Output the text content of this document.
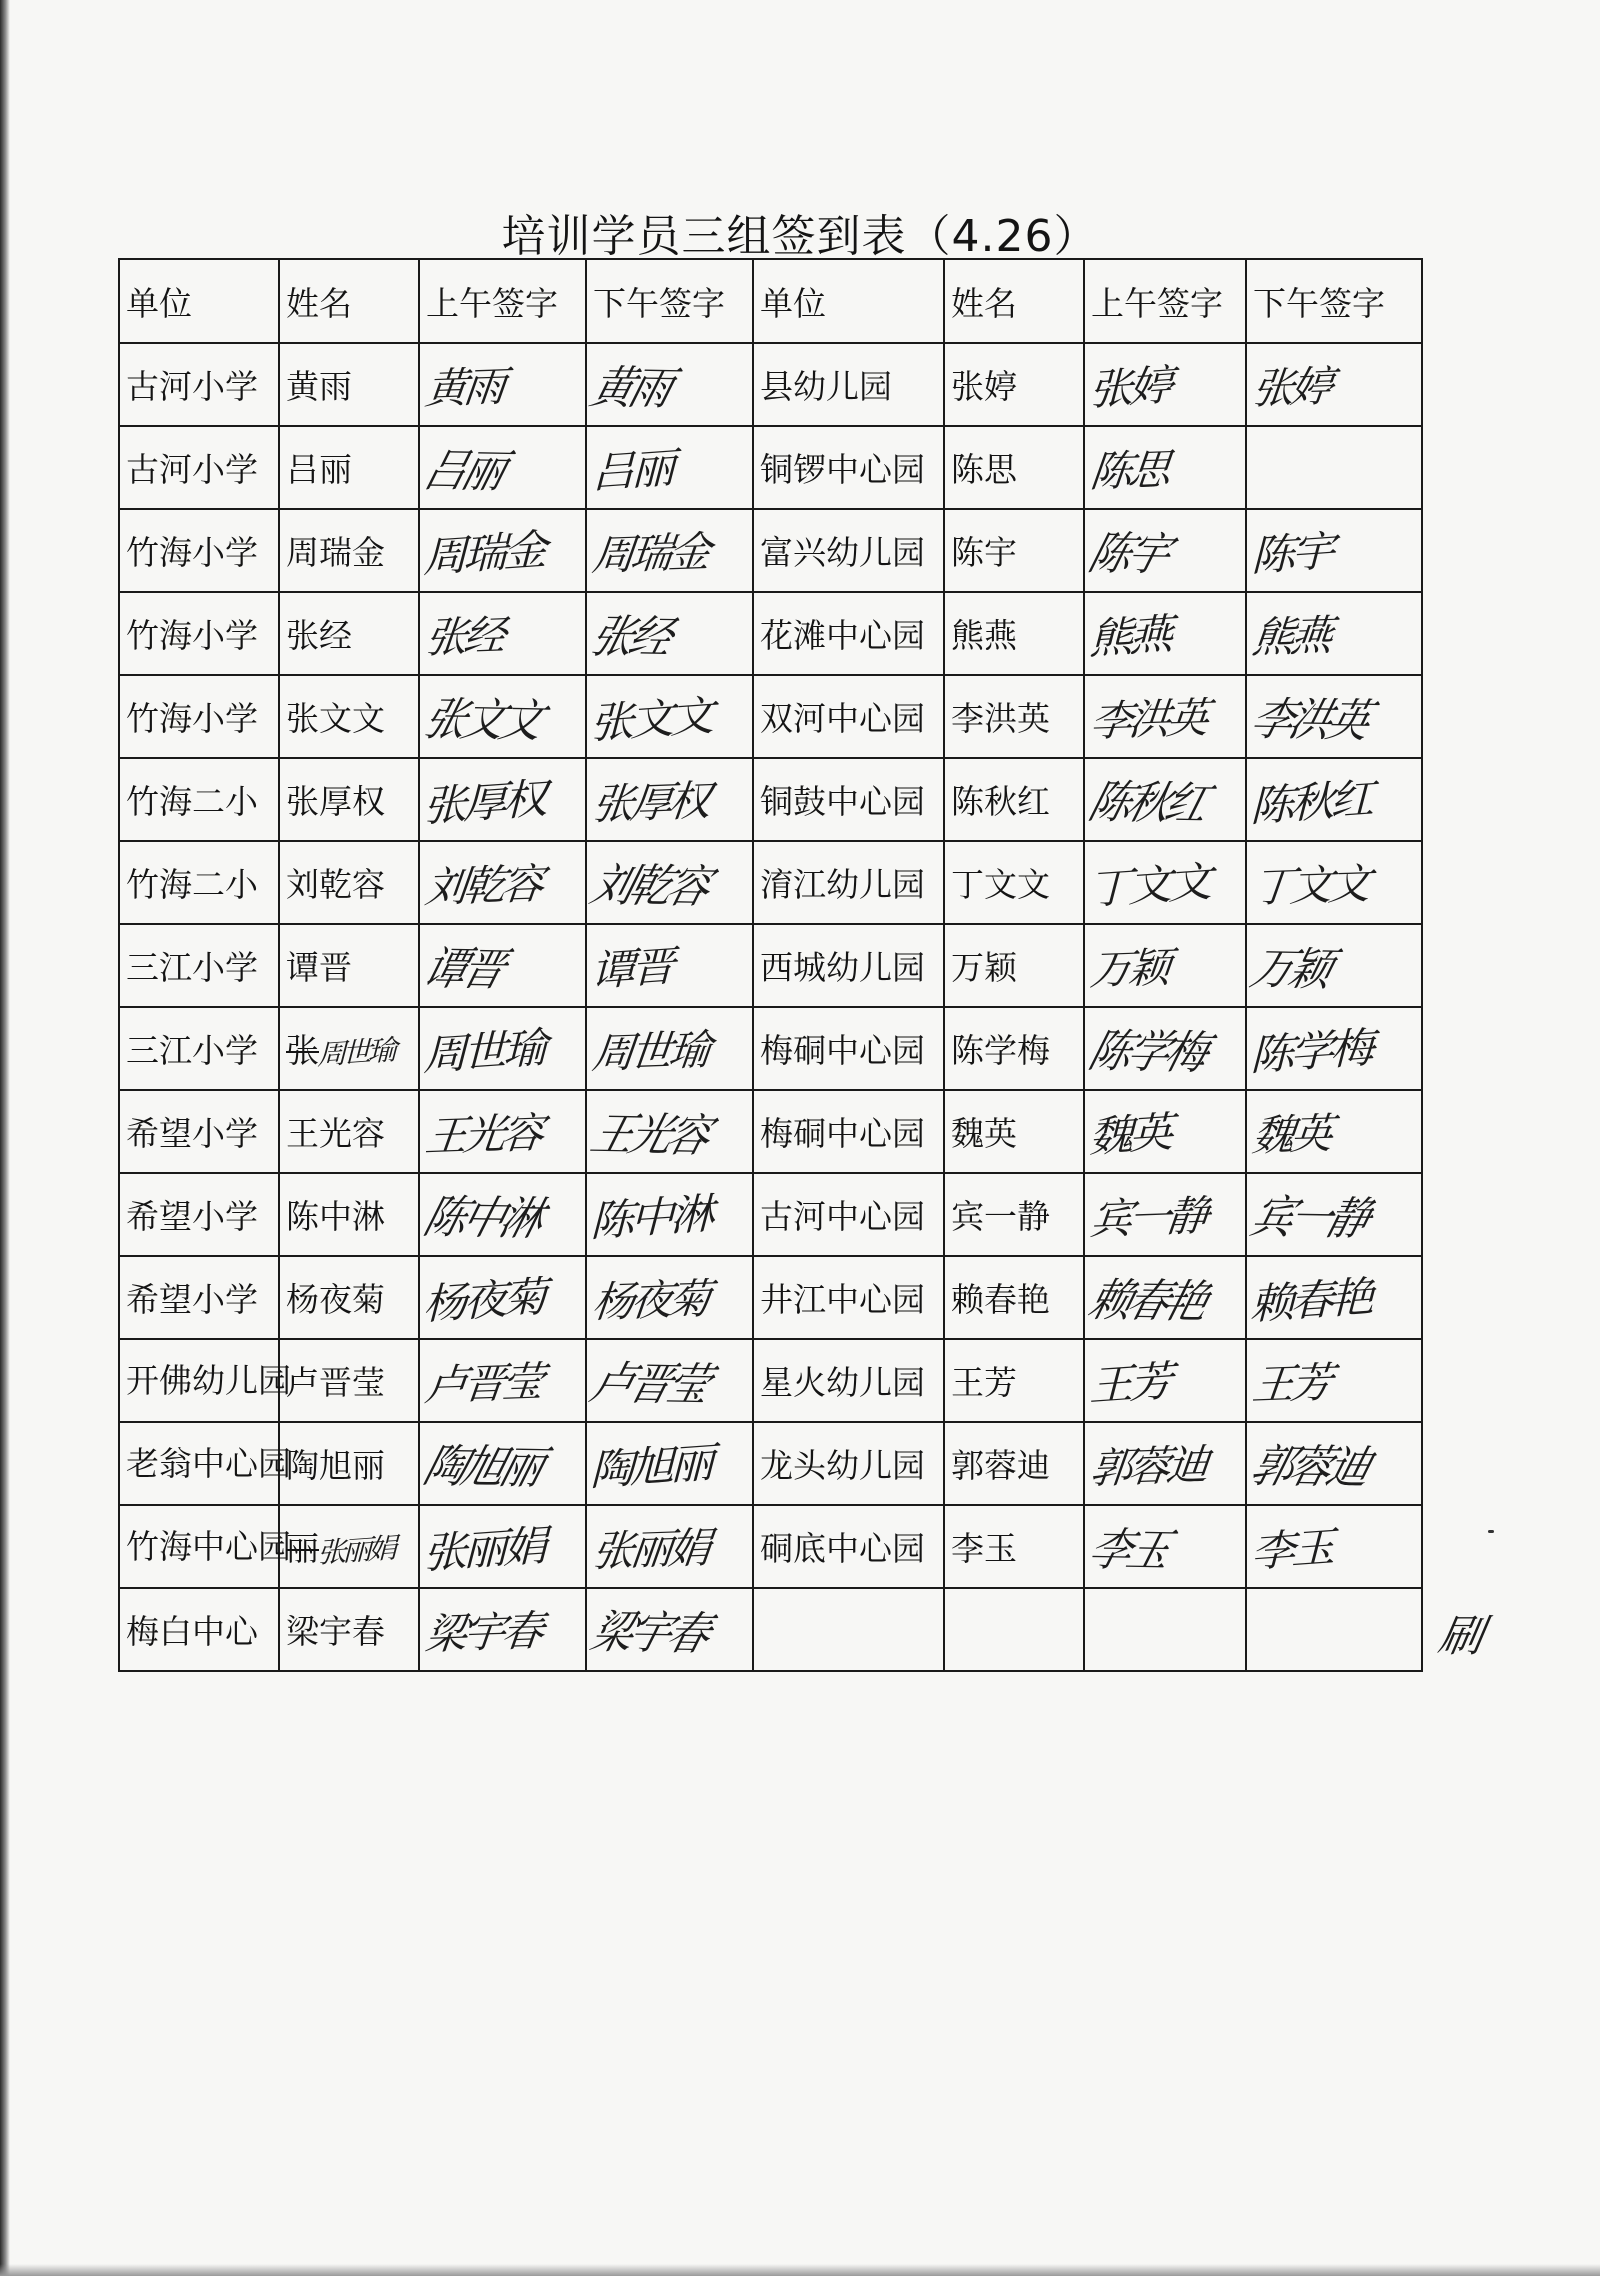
培训学员三组签到表（4.26）
单位	姓名	上午签字	下午签字	单位	姓名	上午签字	下午签字
古河小学	黄雨	黄雨	黄雨	县幼儿园	张婷	张婷	张婷
古河小学	吕丽	吕丽	吕丽	铜锣中心园	陈思	陈思	
竹海小学	周瑞金	周瑞金	周瑞金	富兴幼儿园	陈宇	陈宇	陈宇
竹海小学	张经	张经	张经	花滩中心园	熊燕	熊燕	熊燕
竹海小学	张文文	张文文	张文文	双河中心园	李洪英	李洪英	李洪英
竹海二小	张厚权	张厚权	张厚权	铜鼓中心园	陈秋红	陈秋红	陈秋红
竹海二小	刘乾容	刘乾容	刘乾容	淯江幼儿园	丁文文	丁文文	丁文文
三江小学	谭晋	谭晋	谭晋	西城幼儿园	万颖	万颖	万颖
三江小学	张周世瑜	周世瑜	周世瑜	梅硐中心园	陈学梅	陈学梅	陈学梅
希望小学	王光容	王光容	王光容	梅硐中心园	魏英	魏英	魏英
希望小学	陈中淋	陈中淋	陈中淋	古河中心园	宾一静	宾一静	宾一静
希望小学	杨夜菊	杨夜菊	杨夜菊	井江中心园	赖春艳	赖春艳	赖春艳
开佛幼儿园	卢晋莹	卢晋莹	卢晋莹	星火幼儿园	王芳	王芳	王芳
老翁中心园	陶旭丽	陶旭丽	陶旭丽	龙头幼儿园	郭蓉迪	郭蓉迪	郭蓉迪
竹海中心园	丽张丽娟	张丽娟	张丽娟	硐底中心园	李玉	李玉	李玉
梅白中心	梁宇春	梁宇春	梁宇春					刷
